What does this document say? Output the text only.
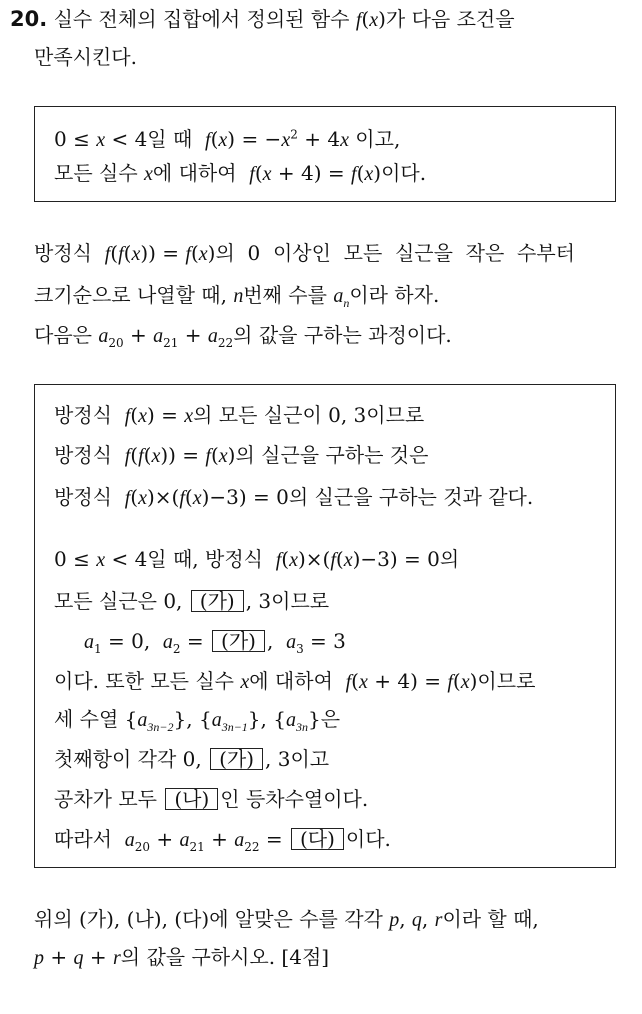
20. 실수 전체의 집합에서 정의된 함수 f(x)가 다음 조건을
만족시킨다.
0 ≤ x < 4일 때  $f(x) = -x^2 + 4x$ 이고,
모든 실수 x에 대하여  f(x + 4) = f(x)이다.
방정식  f(f(x)) = f(x)의  0  이상인  모든  실근을  작은  수부터
크기순으로 나열할 때, n번째 수를 $a_n$이라 하자.
다음은 $a_{20} + a_{21} + a_{22}$의 값을 구하는 과정이다.
방정식  f(x) = x의 모든 실근이 0, 3이므로
방정식  f(f(x)) = f(x)의 실근을 구하는 것은
방정식  f(x)×(f(x)−3) = 0의 실근을 구하는 것과 같다.
0 ≤ x < 4일 때, 방정식  f(x)×(f(x)−3) = 0의
모든 실근은 0, (가) , 3이므로
$a_1 = 0$,  $a_2$ = (가) ,  $a_3 = 3$
이다. 또한 모든 실수 x에 대하여  f(x + 4) = f(x)이므로
세 수열 $\{a_{3n-2}\}$, $\{a_{3n-1}\}$, $\{a_{3n}\}$은
첫째항이 각각 0, (가) , 3이고
공차가 모두 (나) 인 등차수열이다.
따라서  $a_{20} + a_{21} + a_{22}$ = (다) 이다.
위의 (가), (나), (다)에 알맞은 수를 각각 p, q, r이라 할 때,
p + q + r의 값을 구하시오. [4점]
